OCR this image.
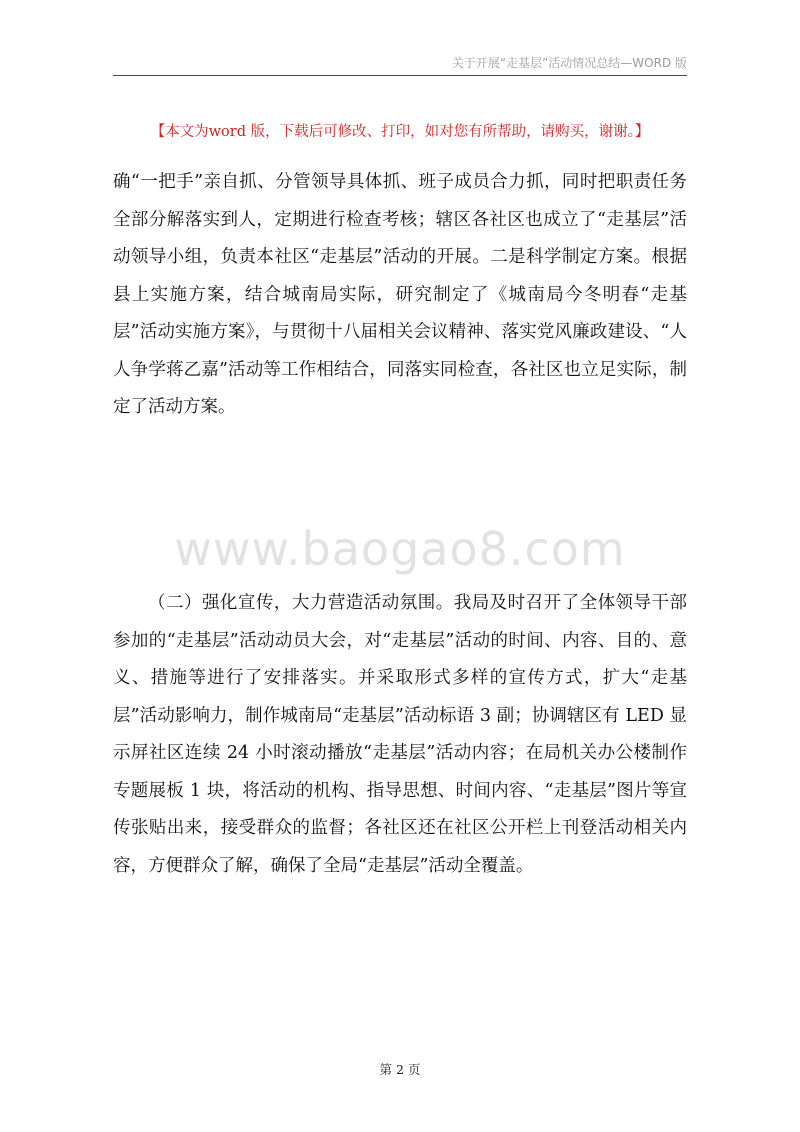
关于开展“走基层”活动情况总结—WORD 版
【本文为word 版，下载后可修改、打印，如对您有所帮助，请购买，谢谢。】

确“一把手”亲自抓、分管领导具体抓、班子成员合力抓，同时把职责任务全部分解落实到人，定期进行检查考核；辖区各社区也成立了“走基层”活动领导小组，负责本社区“走基层”活动的开展。二是科学制定方案。根据县上实施方案，结合城南局实际，研究制定了《城南局今冬明春“走基层”活动实施方案》，与贯彻十八届相关会议精神、落实党风廉政建设、“人人争学蒋乙嘉”活动等工作相结合，同落实同检查，各社区也立足实际，制定了活动方案。

www.baogao8.com

（二）强化宣传，大力营造活动氛围。我局及时召开了全体领导干部参加的“走基层”活动动员大会，对“走基层”活动的时间、内容、目的、意义、措施等进行了安排落实。并采取形式多样的宣传方式，扩大“走基层”活动影响力，制作城南局“走基层”活动标语 3 副；协调辖区有 LED 显示屏社区连续 24 小时滚动播放“走基层”活动内容；在局机关办公楼制作专题展板 1 块，将活动的机构、指导思想、时间内容、“走基层”图片等宣传张贴出来，接受群众的监督；各社区还在社区公开栏上刊登活动相关内容，方便群众了解，确保了全局“走基层”活动全覆盖。

第 2 页
